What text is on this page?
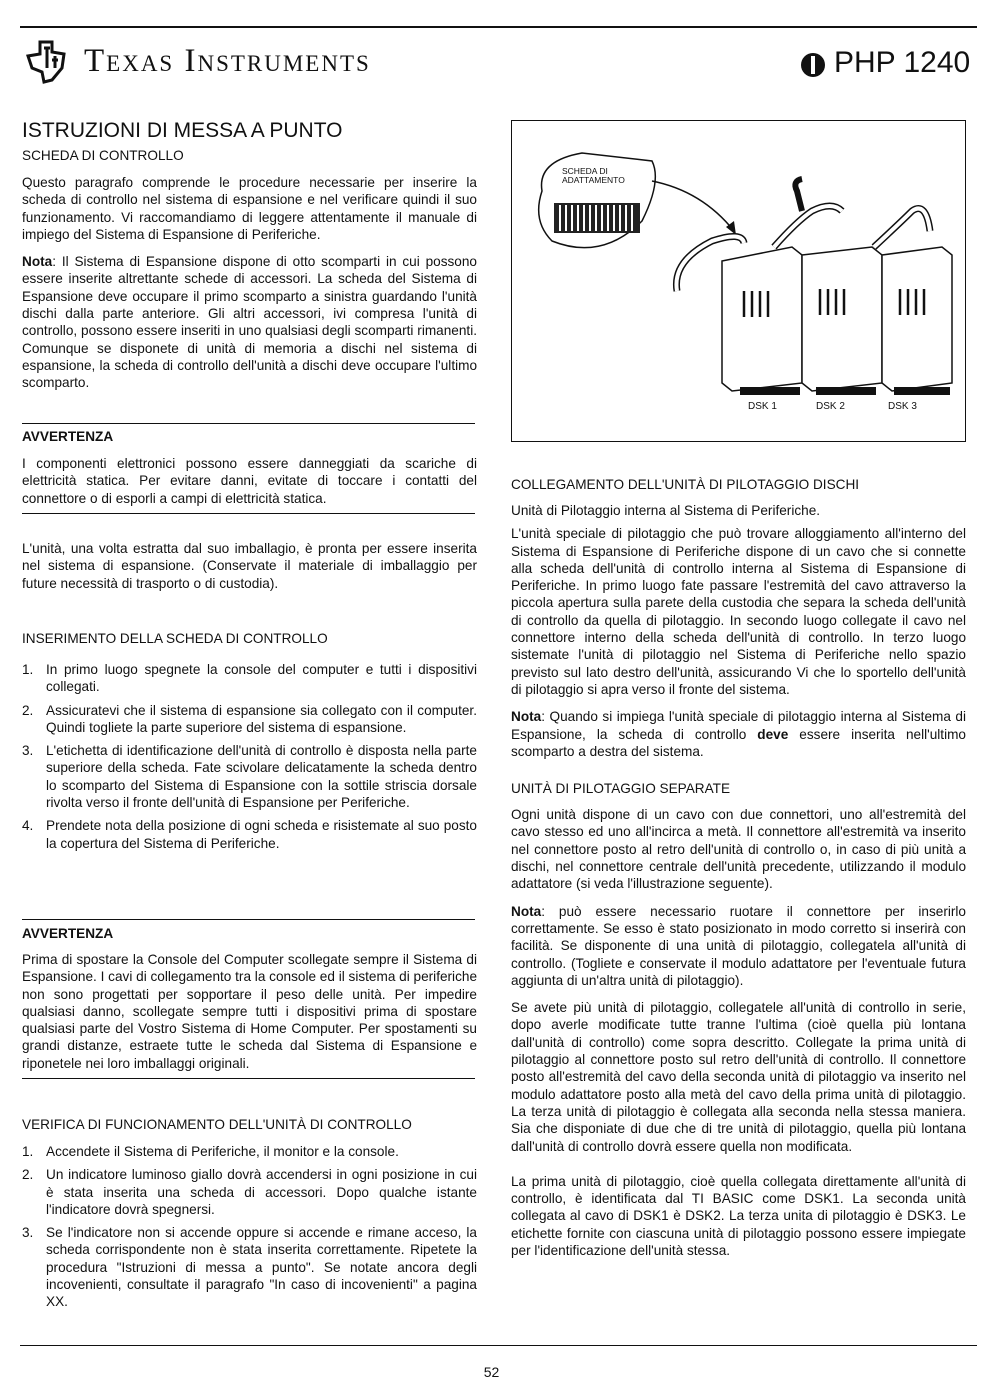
Texas Instruments	PHP 1240
ISTRUZIONI DI MESSA A PUNTO
SCHEDA DI CONTROLLO

Questo paragrafo comprende le procedure necessarie per inserire la scheda di controllo nel sistema di espansione e nel verificare quindi il suo funzionamento. Vi raccomandiamo di leggere attentamente il manuale di impiego del Sistema di Espansione di Periferiche.

Nota: Il Sistema di Espansione dispone di otto scomparti in cui possono essere inserite altrettante schede di accessori. La scheda del Sistema di Espansione deve occupare il primo scomparto a sinistra guardando l'unità dischi dalla parte anteriore. Gli altri accessori, ivi compresa l'unità di controllo, possono essere inseriti in uno qualsiasi degli scomparti rimanenti. Comunque se disponete di unità di memoria a dischi nel sistema di espansione, la scheda di controllo dell'unità a dischi deve occupare l'ultimo scomparto.

AVVERTENZA

I componenti elettronici possono essere danneggiati da scariche di elettricità statica. Per evitare danni, evitate di toccare i contatti del connettore o di esporli a campi di elettricità statica.

L'unità, una volta estratta dal suo imballagio, è pronta per essere inserita nel sistema di espansione. (Conservate il materiale di imballaggio per future necessità di trasporto o di custodia).

INSERIMENTO DELLA SCHEDA DI CONTROLLO
1. In primo luogo spegnete la console del computer e tutti i dispositivi collegati.
2. Assicuratevi che il sistema di espansione sia collegato con il computer. Quindi togliete la parte superiore del sistema di espansione.
3. L'etichetta di identificazione dell'unità di controllo è disposta nella parte superiore della scheda. Fate scivolare delicatamente la scheda dentro lo scomparto del Sistema di Espansione con la sottile striscia dorsale rivolta verso il fronte dell'unità di Espansione per Periferiche.
4. Prendete nota della posizione di ogni scheda e risistemate al suo posto la copertura del Sistema di Periferiche.
AVVERTENZA

Prima di spostare la Console del Computer scollegate sempre il Sistema di Espansione. I cavi di collegamento tra la console ed il sistema di periferiche non sono progettati per sopportare il peso delle unità. Per impedire qualsiasi danno, scollegate sempre tutti i dispositivi prima di spostare qualsiasi parte del Vostro Sistema di Home Computer. Per spostamenti su grandi distanze, estraete tutte le scheda dal Sistema di Espansione e riponetele nei loro imballaggi originali.

VERIFICA DI FUNCIONAMENTO DELL'UNITÀ DI CONTROLLO
1. Accendete il Sistema di Periferiche, il monitor e la console.
2. Un indicatore luminoso giallo dovrà accendersi in ogni posizione in cui è stata inserita una scheda di accessori. Dopo qualche istante l'indicatore dovrà spegnersi.
3. Se l'indicatore non si accende oppure si accende e rimane acceso, la scheda corrispondente non è stata inserita correttamente. Ripetete la procedura "Istruzioni di messa a punto". Se notate ancora degli incovenienti, consultate il paragrafo "In caso di incovenienti" a pagina XX.
SCHEDA DI ADATTAMENTO
DSK 1	DSK 2	DSK 3
COLLEGAMENTO DELL'UNITÀ DI PILOTAGGIO DISCHI

Unità di Pilotaggio interna al Sistema di Periferiche.

L'unità speciale di pilotaggio che può trovare alloggiamento all'interno del Sistema di Espansione di Periferiche dispone di un cavo che si connette alla scheda dell'unità di controllo interna al Sistema di Espansione di Periferiche. In primo luogo fate passare l'estremità del cavo attraverso la piccola apertura sulla parete della custodia che separa la scheda dell'unità di controllo da quella di pilotaggio. In secondo luogo collegate il cavo nel connettore interno della scheda dell'unità di controllo. In terzo luogo sistemate l'unità di pilotaggio nel Sistema di Periferiche nello spazio previsto sul lato destro dell'unità, assicurando Vi che lo sportello dell'unità di pilotaggio si apra verso il fronte del sistema.

Nota: Quando si impiega l'unità speciale di pilotaggio interna al Sistema di Espansione, la scheda di controllo deve essere inserita nell'ultimo scomparto a destra del sistema.

UNITÀ DI PILOTAGGIO SEPARATE

Ogni unità dispone di un cavo con due connettori, uno all'estremità del cavo stesso ed uno all'incirca a metà. Il connettore all'estremità va inserito nel connettore posto al retro dell'unità di controllo o, in caso di più unità a dischi, nel connettore centrale dell'unità precedente, utilizzando il modulo adattatore (si veda l'illustrazione seguente).

Nota: può essere necessario ruotare il connettore per inserirlo correttamente. Se esso è stato posizionato in modo corretto si inserirà con facilità. Se disponente di una unità di pilotaggio, collegatela all'unità di controllo. (Togliete e conservate il modulo adattatore per l'eventuale futura aggiunta di un'altra unità di pilotaggio).

Se avete più unità di pilotaggio, collegatele all'unità di controllo in serie, dopo averle modificate tutte tranne l'ultima (cioè quella più lontana dall'unità di controllo) come sopra descritto. Collegate la prima unità di pilotaggio al connettore posto sul retro dell'unità di controllo. Il connettore posto all'estremità del cavo della seconda unità di pilotaggio va inserito nel modulo adattatore posto alla metà del cavo della prima unità di pilotaggio. La terza unità di pilotaggio è collegata alla seconda nella stessa maniera. Sia che disponiate di due che di tre unità di pilotaggio, quella più lontana dall'unità di controllo dovrà essere quella non modificata.

La prima unità di pilotaggio, cioè quella collegata direttamente all'unità di controllo, è identificata dal TI BASIC come DSK1. La seconda unità collegata al cavo di DSK1 è DSK2. La terza unita di pilotaggio è DSK3. Le etichette fornite con ciascuna unità di pilotaggio possono essere impiegate per l'identificazione dell'unità stessa.

52
